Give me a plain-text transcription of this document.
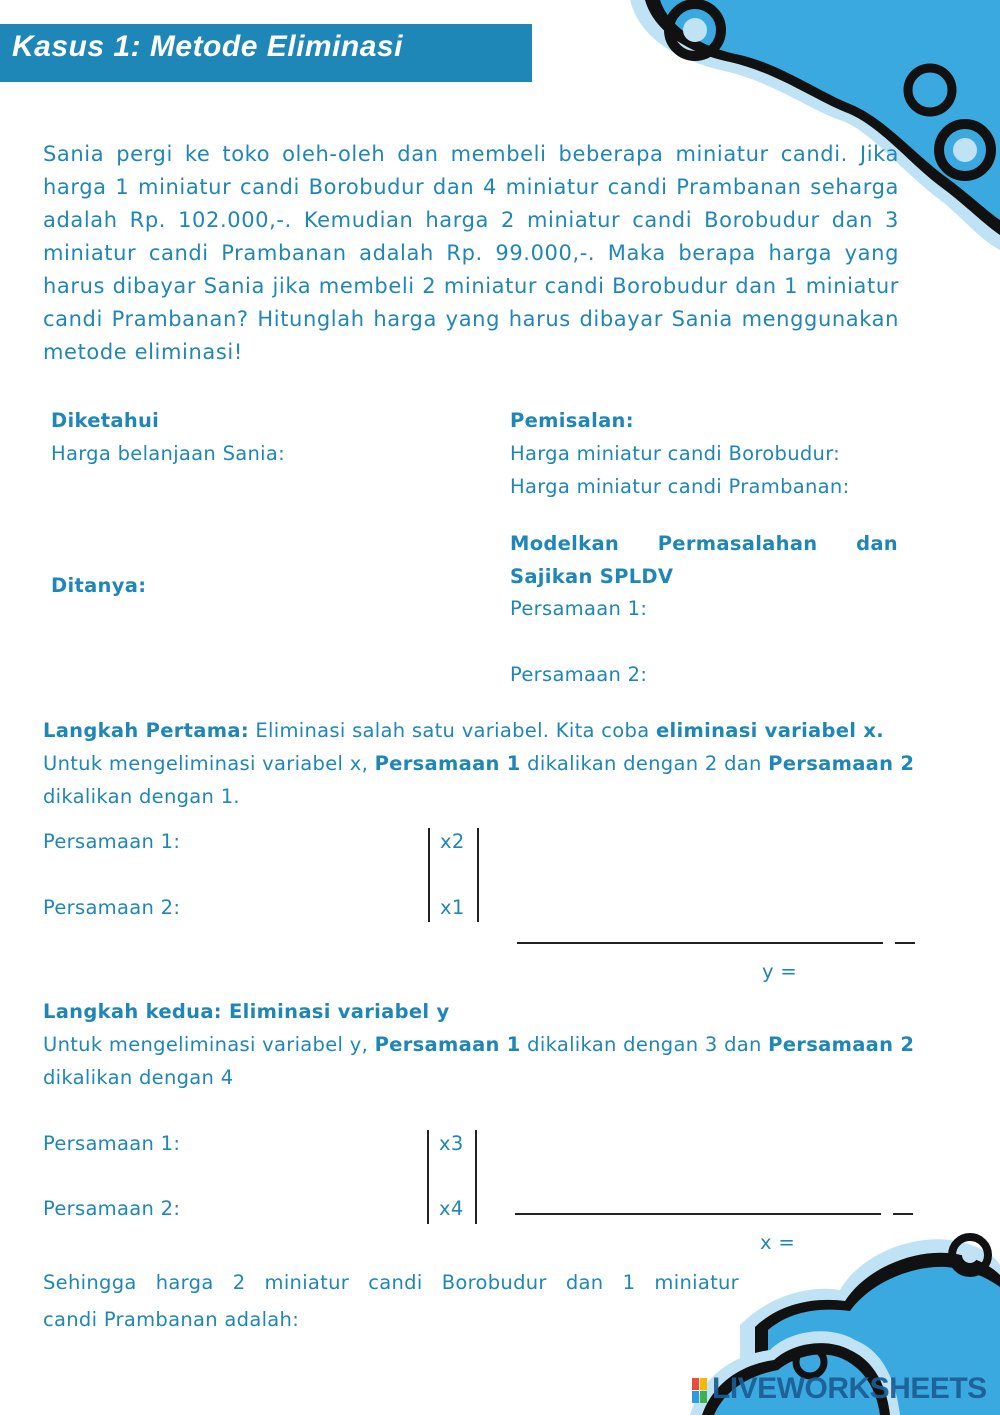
Kasus 1: Metode Eliminasi
Sania pergi ke toko oleh-oleh dan membeli beberapa miniatur candi. Jika harga 1 miniatur candi Borobudur dan 4 miniatur candi Prambanan seharga adalah Rp. 102.000,-. Kemudian harga 2 miniatur candi Borobudur dan 3 miniatur candi Prambanan adalah Rp. 99.000,-. Maka berapa harga yang harus dibayar Sania jika membeli 2 miniatur candi Borobudur dan 1 miniatur candi Prambanan? Hitunglah harga yang harus dibayar Sania menggunakan metode eliminasi!
Diketahui
Harga belanjaan Sania:
Ditanya:
Pemisalan:
Harga miniatur candi Borobudur:
Harga miniatur candi Prambanan:
Modelkan Permasalahan dan
Sajikan SPLDV
Persamaan 1:
Persamaan 2:
Langkah Pertama: Eliminasi salah satu variabel. Kita coba eliminasi variabel x.
Untuk mengeliminasi variabel x, Persamaan 1 dikalikan dengan 2 dan Persamaan 2
dikalikan dengan 1.
Persamaan 1:
Persamaan 2:
x2
x1
y =
Langkah kedua: Eliminasi variabel y
Untuk mengeliminasi variabel y, Persamaan 1 dikalikan dengan 3 dan Persamaan 2
dikalikan dengan 4
Persamaan 1:
Persamaan 2:
x3
x4
x =
Sehingga harga 2 miniatur candi Borobudur dan 1 miniatur
candi Prambanan adalah:
LIVEWORKSHEETS
